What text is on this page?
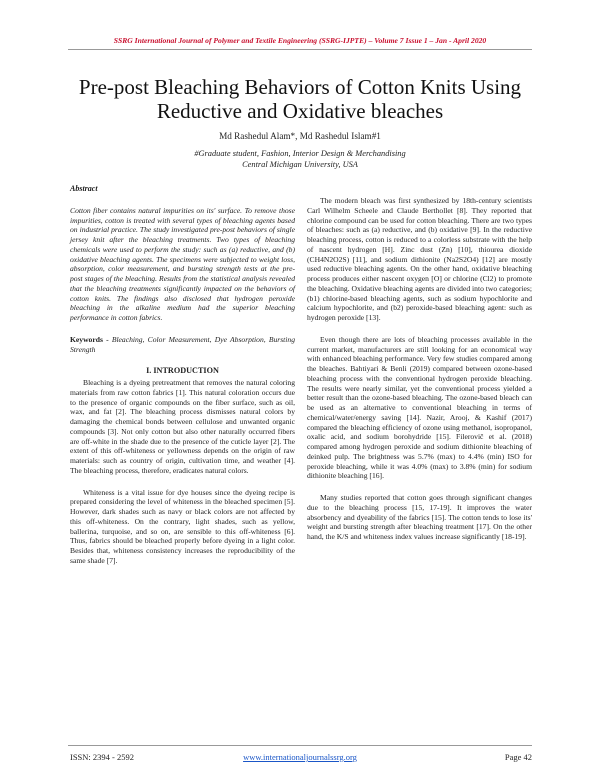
SSRG International Journal of Polymer and Textile Engineering (SSRG-IJPTE) – Volume 7 Issue 1 – Jan - April 2020
Pre-post Bleaching Behaviors of Cotton Knits Using Reductive and Oxidative bleaches
Md Rashedul Alam*, Md Rashedul Islam#1
#Graduate student, Fashion, Interior Design & Merchandising
Central Michigan University, USA

Abstract

Cotton fiber contains natural impurities on its' surface. To remove those impurities, cotton is treated with several types of bleaching agents based on industrial practice. The study investigated pre-post behaviors of single jersey knit after the bleaching treatments. Two types of bleaching chemicals were used to perform the study: such as (a) reductive, and (b) oxidative bleaching agents. The specimens were subjected to weight loss, absorption, color measurement, and bursting strength tests at the pre-post stages of the bleaching. Results from the statistical analysis revealed that the bleaching treatments significantly impacted on the behaviors of cotton knits. The findings also disclosed that hydrogen peroxide bleaching in the alkaline medium had the superior bleaching performance in cotton fabrics.

Keywords - Bleaching, Color Measurement, Dye Absorption, Bursting Strength

I. INTRODUCTION

Bleaching is a dyeing pretreatment that removes the natural coloring materials from raw cotton fabrics [1]. This natural coloration occurs due to the presence of organic compounds on the fiber surface, such as oil, wax, and fat [2]. The bleaching process dismisses natural colors by damaging the chemical bonds between cellulose and unwanted organic compounds [3]. Not only cotton but also other naturally occurred fibers are off-white in the shade due to the presence of the cuticle layer [2]. The extent of this off-whiteness or yellowness depends on the origin of raw materials: such as country of origin, cultivation time, and weather [4]. The bleaching process, therefore, eradicates natural colors.

Whiteness is a vital issue for dye houses since the dyeing recipe is prepared considering the level of whiteness in the bleached specimen [5]. However, dark shades such as navy or black colors are not affected by this off-whiteness. On the contrary, light shades, such as yellow, ballerina, turquoise, and so on, are sensible to this off-whiteness [6]. Thus, fabrics should be bleached properly before dyeing in a light color. Besides that, whiteness consistency increases the reproducibility of the same shade [7].

The modern bleach was first synthesized by 18th-century scientists Carl Wilhelm Scheele and Claude Berthollet [8]. They reported that chlorine compound can be used for cotton bleaching. There are two types of bleaches: such as (a) reductive, and (b) oxidative [9]. In the reductive bleaching process, cotton is reduced to a colorless substrate with the help of nascent hydrogen [H]. Zinc dust (Zn) [10], thiourea dioxide (CH4N2O2S) [11], and sodium dithionite (Na2S2O4) [12] are mostly used reductive bleaching agents. On the other hand, oxidative bleaching process produces either nascent oxygen [O] or chlorine (Cl2) to promote the bleaching. Oxidative bleaching agents are divided into two categories; (b1) chlorine-based bleaching agents, such as sodium hypochlorite and calcium hypochlorite, and (b2) peroxide-based bleaching agent: such as hydrogen peroxide [13].

Even though there are lots of bleaching processes available in the current market, manufacturers are still looking for an economical way with enhanced bleaching performance. Very few studies compared among the bleaches. Bahtiyari & Benli (2019) compared between ozone-based bleaching process with the conventional hydrogen peroxide bleaching. The results were nearly similar, yet the conventional process yielded a better result than the ozone-based bleaching. The ozone-based bleach can be used as an alternative to conventional bleaching in terms of chemical/water/energy saving [14]. Nazir, Arooj, & Kashif (2017) compared the bleaching efficiency of ozone using methanol, isopropanol, oxalic acid, and sodium borohydride [15]. Filerovič et al. (2018) compared among hydrogen peroxide and sodium dithionite bleaching of deinked pulp. The brightness was 5.7% (max) to 4.4% (min) ISO for peroxide bleaching, while it was 4.0% (max) to 3.8% (min) for sodium dithionite bleaching [16].

Many studies reported that cotton goes through significant changes due to the bleaching process [15, 17-19]. It improves the water absorbency and dyeability of the fabrics [15]. The cotton tends to lose its' weight and bursting strength after bleaching treatment [17]. On the other hand, the K/S and whiteness index values increase significantly [18-19].

ISSN: 2394 - 2592	www.internationaljournalssrg.org	Page 42
